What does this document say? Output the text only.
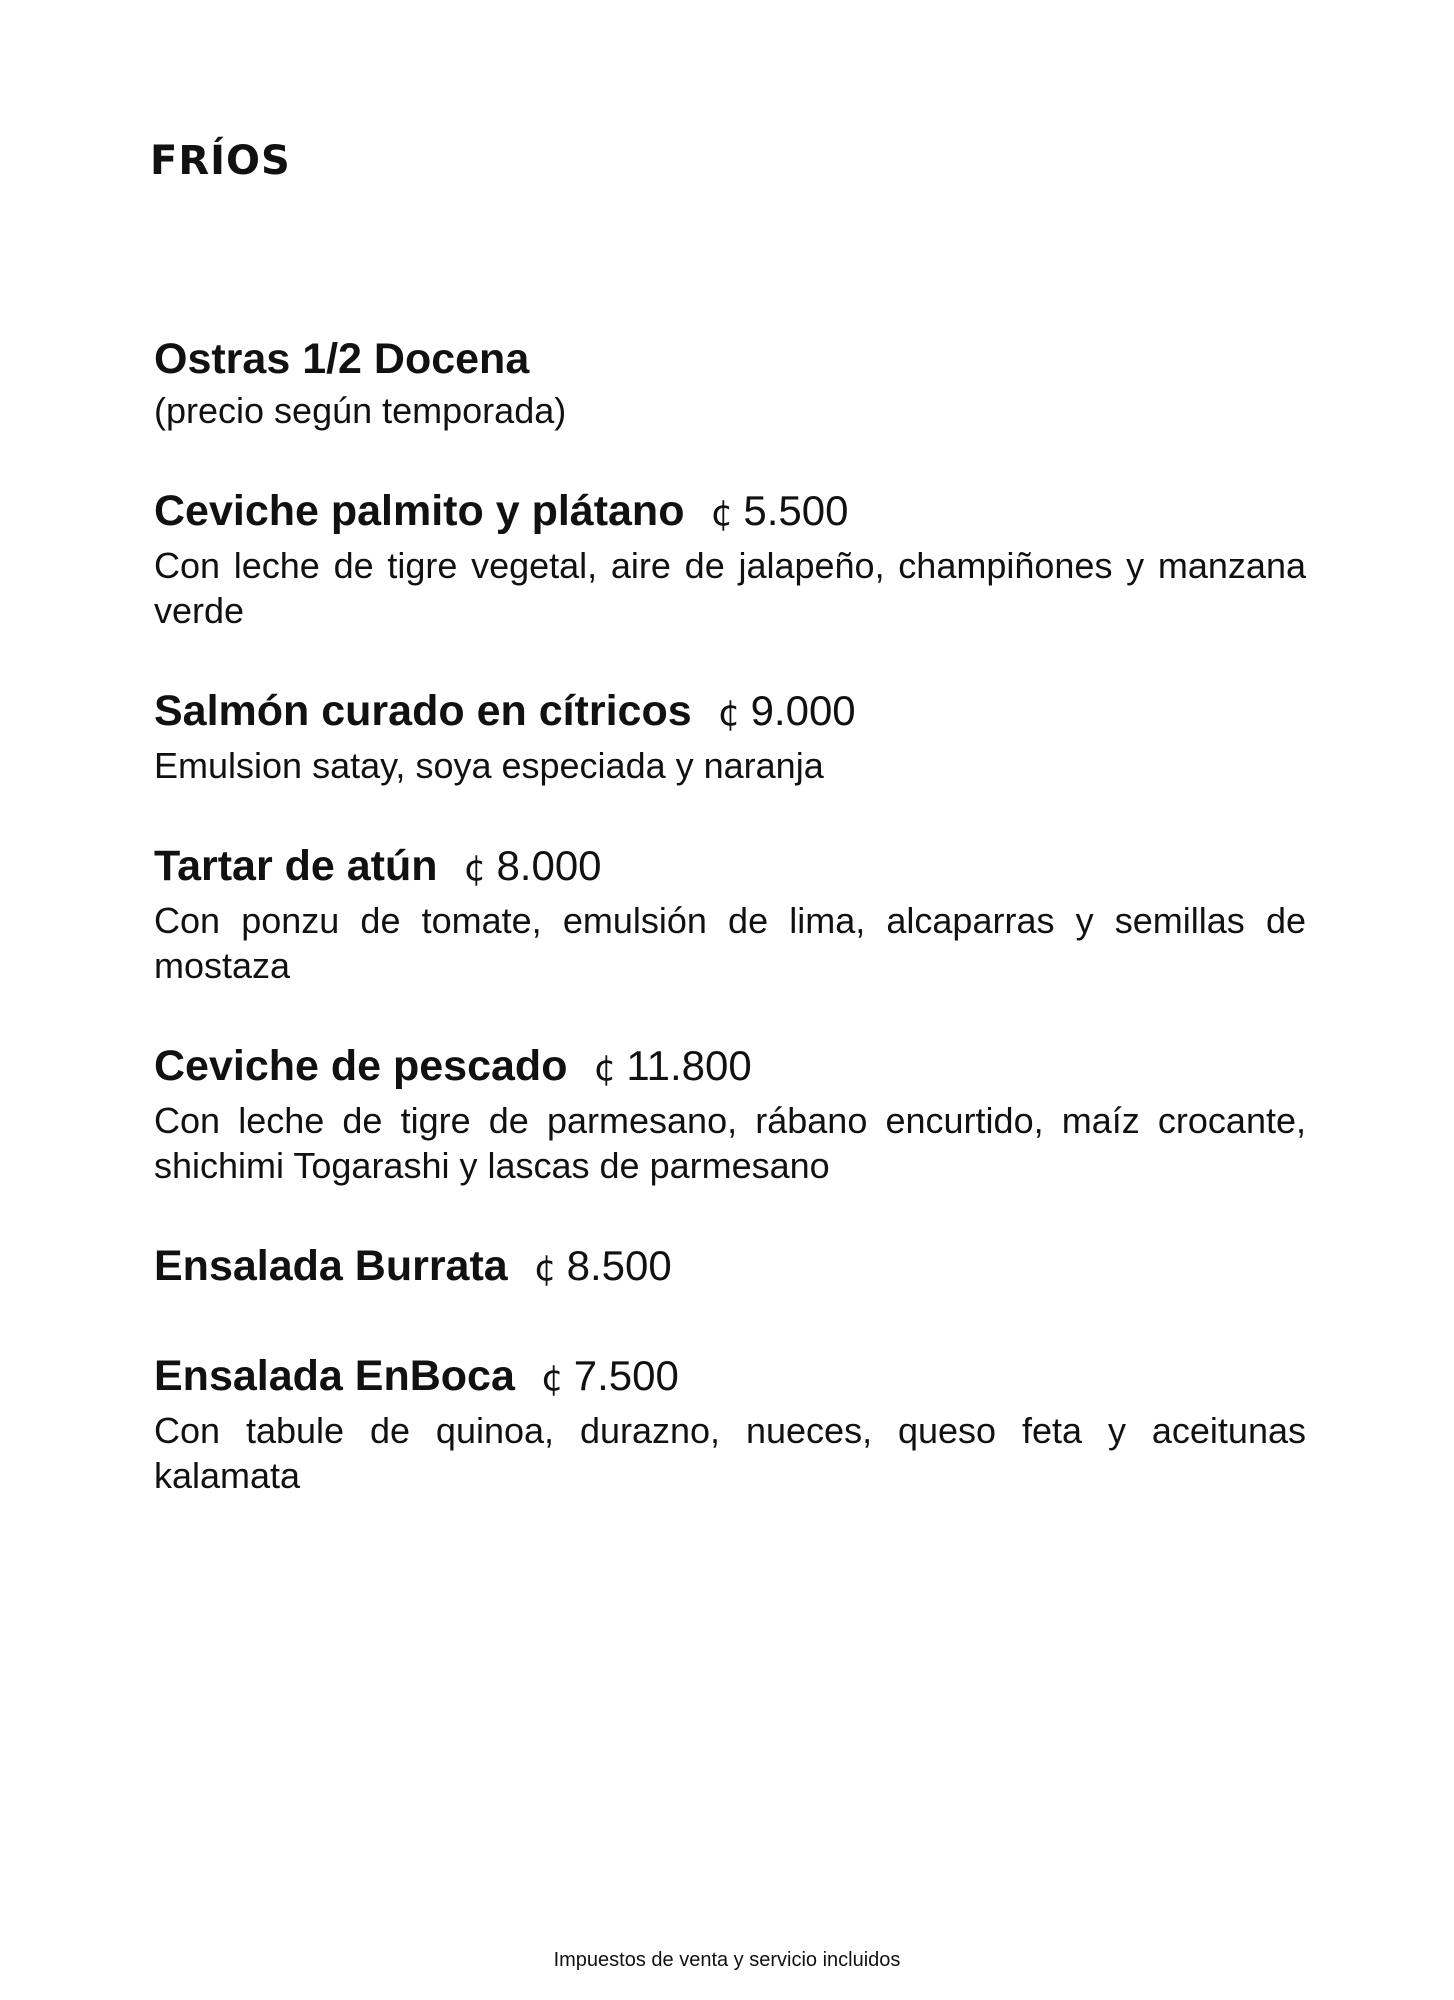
FRÍOS
Ostras 1/2 Docena

(precio según temporada)

Ceviche palmito y plátano ¢ 5.500

Con leche de tigre vegetal, aire de jalapeño, champiñones y manzana verde

Salmón curado en cítricos ¢ 9.000

Emulsion satay, soya especiada y naranja

Tartar de atún ¢ 8.000

Con ponzu de tomate, emulsión de lima, alcaparras y semillas de mostaza

Ceviche de pescado ¢ 11.800

Con leche de tigre de parmesano, rábano encurtido, maíz crocante, shichimi Togarashi y lascas de parmesano

Ensalada Burrata ¢ 8.500
Ensalada EnBoca ¢ 7.500

Con tabule de quinoa, durazno, nueces, queso feta y aceitunas kalamata

Impuestos de venta y servicio incluidos
